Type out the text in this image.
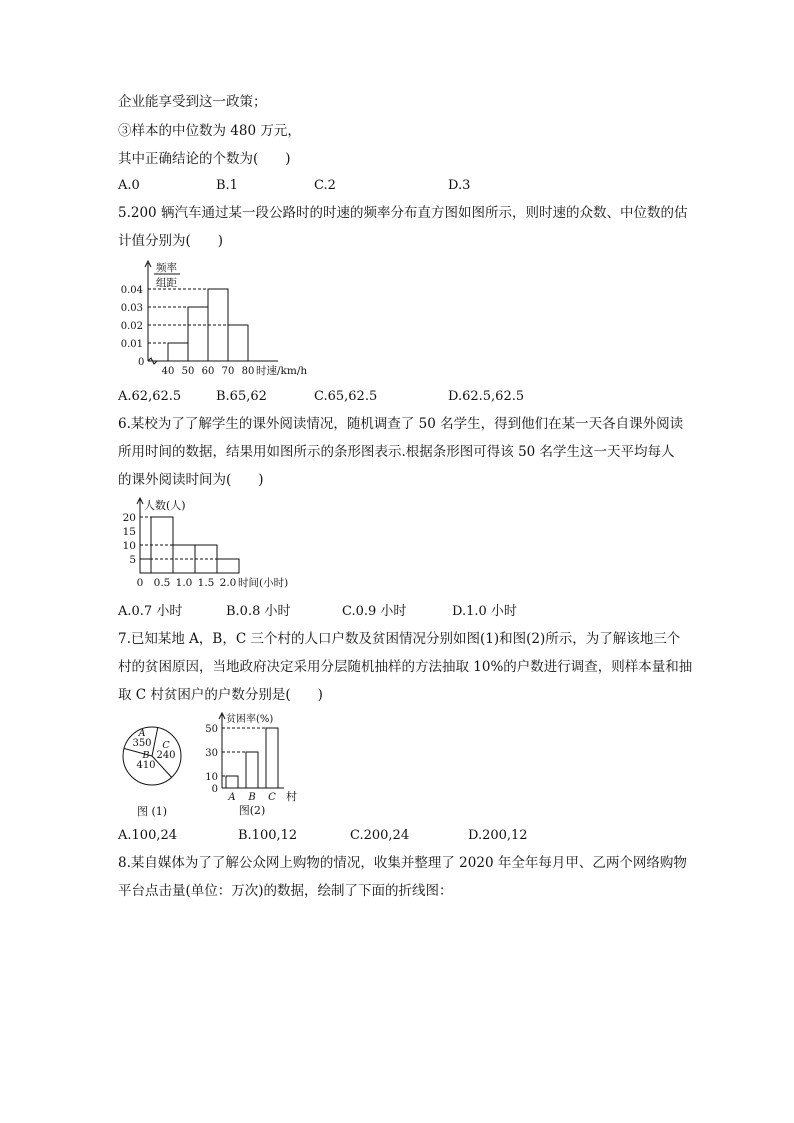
企业能享受到这一政策；
③样本的中位数为 480 万元，
其中正确结论的个数为(　　)
A.0	B.1	C.2	D.3
5.200 辆汽车通过某一段公路时的时速的频率分布直方图如图所示，则时速的众数、中位数的估
计值分别为(　　)
频率
组距
0
0.01
0.02
0.03
0.04
40 50 60 70 80 时速/km/h
A.62,62.5	B.65,62	C.65,62.5	D.62.5,62.5
6.某校为了了解学生的课外阅读情况，随机调查了 50 名学生，得到他们在某一天各自课外阅读
所用时间的数据，结果用如图所示的条形图表示.根据条形图可得该 50 名学生这一天平均每人
的课外阅读时间为(　　)
人数(人)
5
10
15
20
0 0.5 1.0 1.5 2.0 时间(小时)
A.0.7 小时	B.0.8 小时	C.0.9 小时	D.1.0 小时
7.已知某地 A，B，C 三个村的人口户数及贫困情况分别如图(1)和图(2)所示，为了解该地三个
村的贫困原因，当地政府决定采用分层随机抽样的方法抽取 10%的户数进行调查，则样本量和抽
取 C 村贫困户的户数分别是(　　)
A
350
B
410
C
240
图 (1)
贫困率(%)
A B C
0
10
30
50
村
图(2)
A.100,24	B.100,12	C.200,24	D.200,12
8.某自媒体为了了解公众网上购物的情况，收集并整理了 2020 年全年每月甲、乙两个网络购物
平台点击量(单位：万次)的数据，绘制了下面的折线图：
